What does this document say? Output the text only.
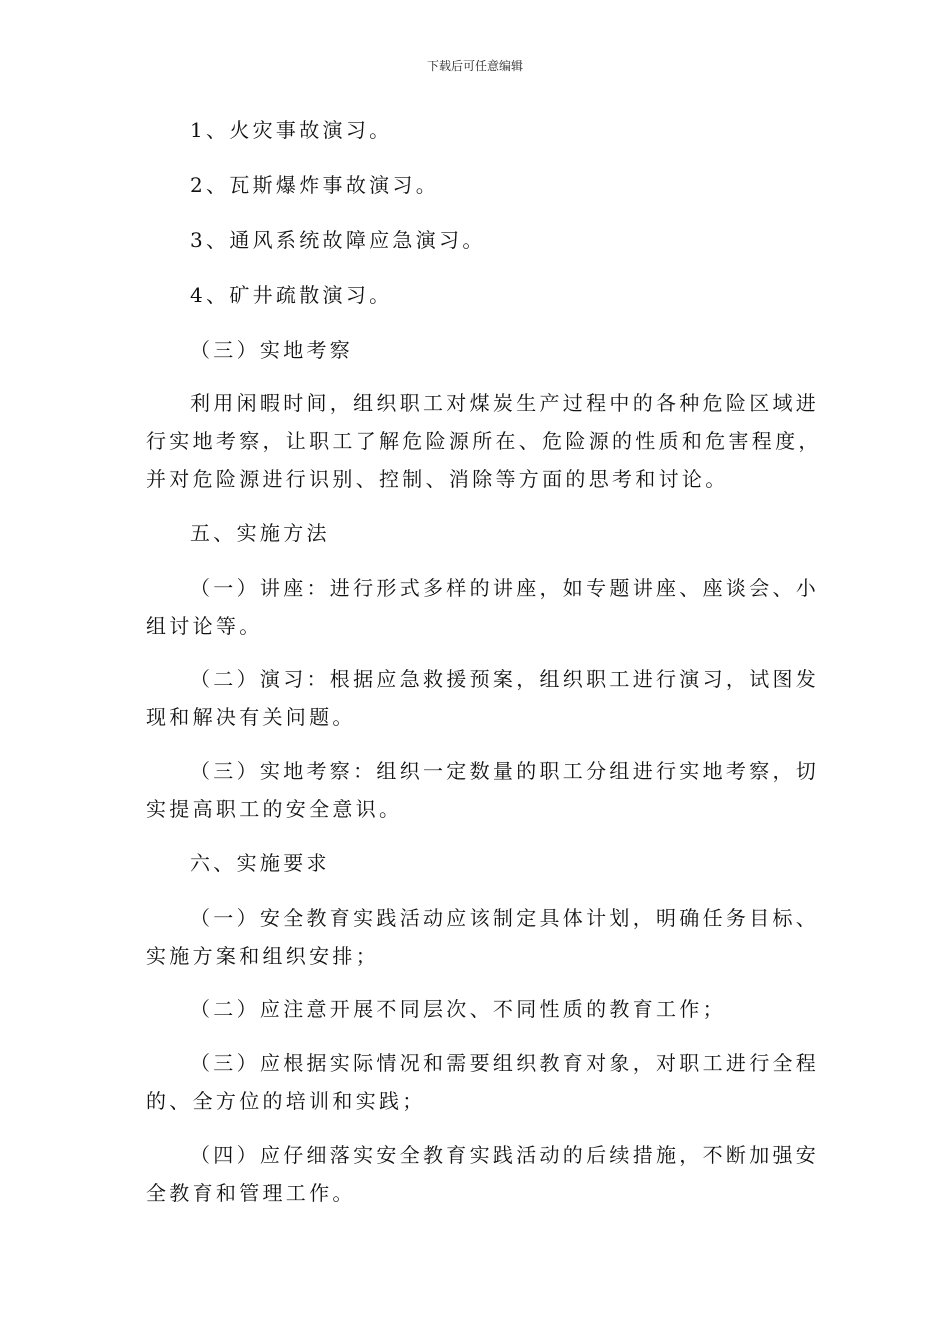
下载后可任意编辑
1、火灾事故演习。
2、瓦斯爆炸事故演习。
3、通风系统故障应急演习。
4、矿井疏散演习。
（三）实地考察
利用闲暇时间，组织职工对煤炭生产过程中的各种危险区域进
行实地考察，让职工了解危险源所在、危险源的性质和危害程度，
并对危险源进行识别、控制、消除等方面的思考和讨论。
五、实施方法
（一）讲座：进行形式多样的讲座，如专题讲座、座谈会、小
组讨论等。
（二）演习：根据应急救援预案，组织职工进行演习，试图发
现和解决有关问题。
（三）实地考察：组织一定数量的职工分组进行实地考察，切
实提高职工的安全意识。
六、实施要求
（一）安全教育实践活动应该制定具体计划，明确任务目标、
实施方案和组织安排；
（二）应注意开展不同层次、不同性质的教育工作；
（三）应根据实际情况和需要组织教育对象，对职工进行全程
的、全方位的培训和实践；
（四）应仔细落实安全教育实践活动的后续措施，不断加强安
全教育和管理工作。
